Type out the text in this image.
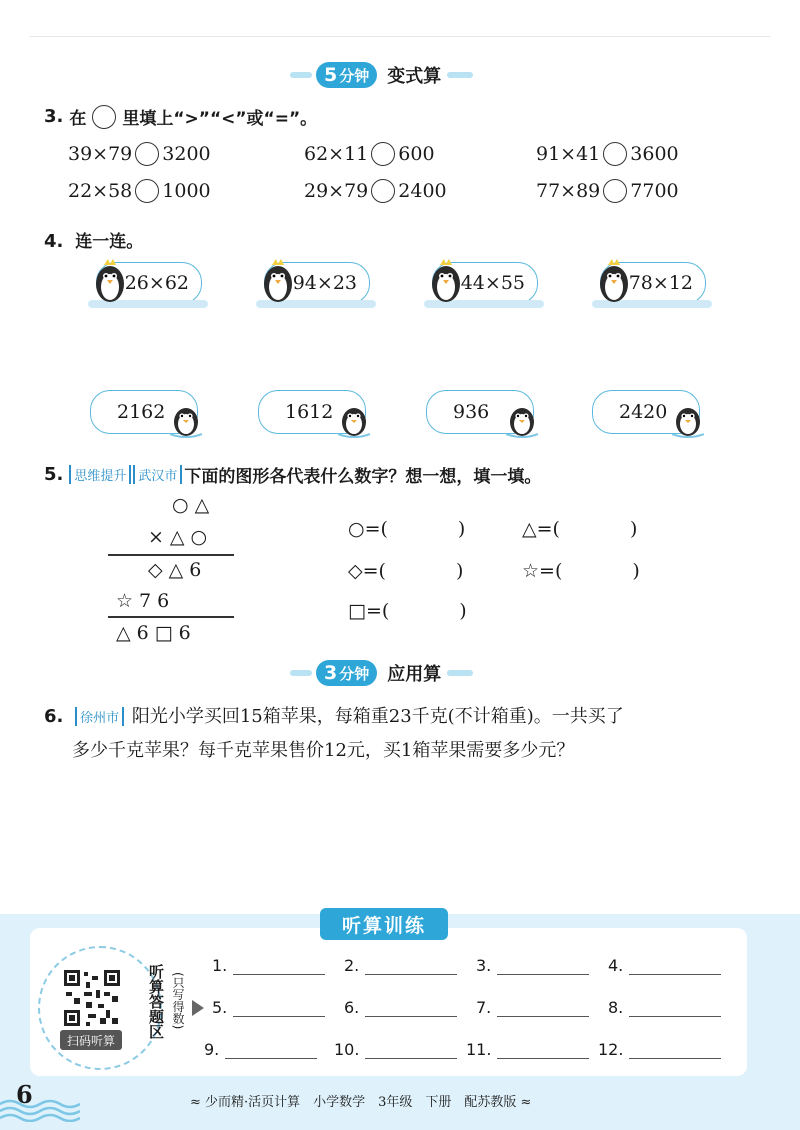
5 分钟 变式算
3. 在 里填上“>”“<”或“=”。
39×79 3200	62×11 600	91×41 3600
22×58 1000	29×79 2400	77×89 7700
4. 连一连。
26×62	94×23	44×55	78×12
2162	1612	936	2420
5. 思维提升 武汉市 下面的图形各代表什么数字？想一想，填一填。
○△
×△○
◇△6
☆76
△6□6
○=(	)	△=(	)
◇=(	)	☆=(	)
□=(	)
3 分钟 应用算
6. 徐州市 阳光小学买回15箱苹果，每箱重23千克(不计箱重)。一共买了
多少千克苹果？每千克苹果售价12元，买1箱苹果需要多少元？
听算训练
扫码听算
听算答题区 (只写得数)
1.	2.	3.	4.
5.	6.	7.	8.
9.	10.	11.	12.
6	≈ 少而精·活页计算　小学数学　3年级　下册　配苏教版 ≈
